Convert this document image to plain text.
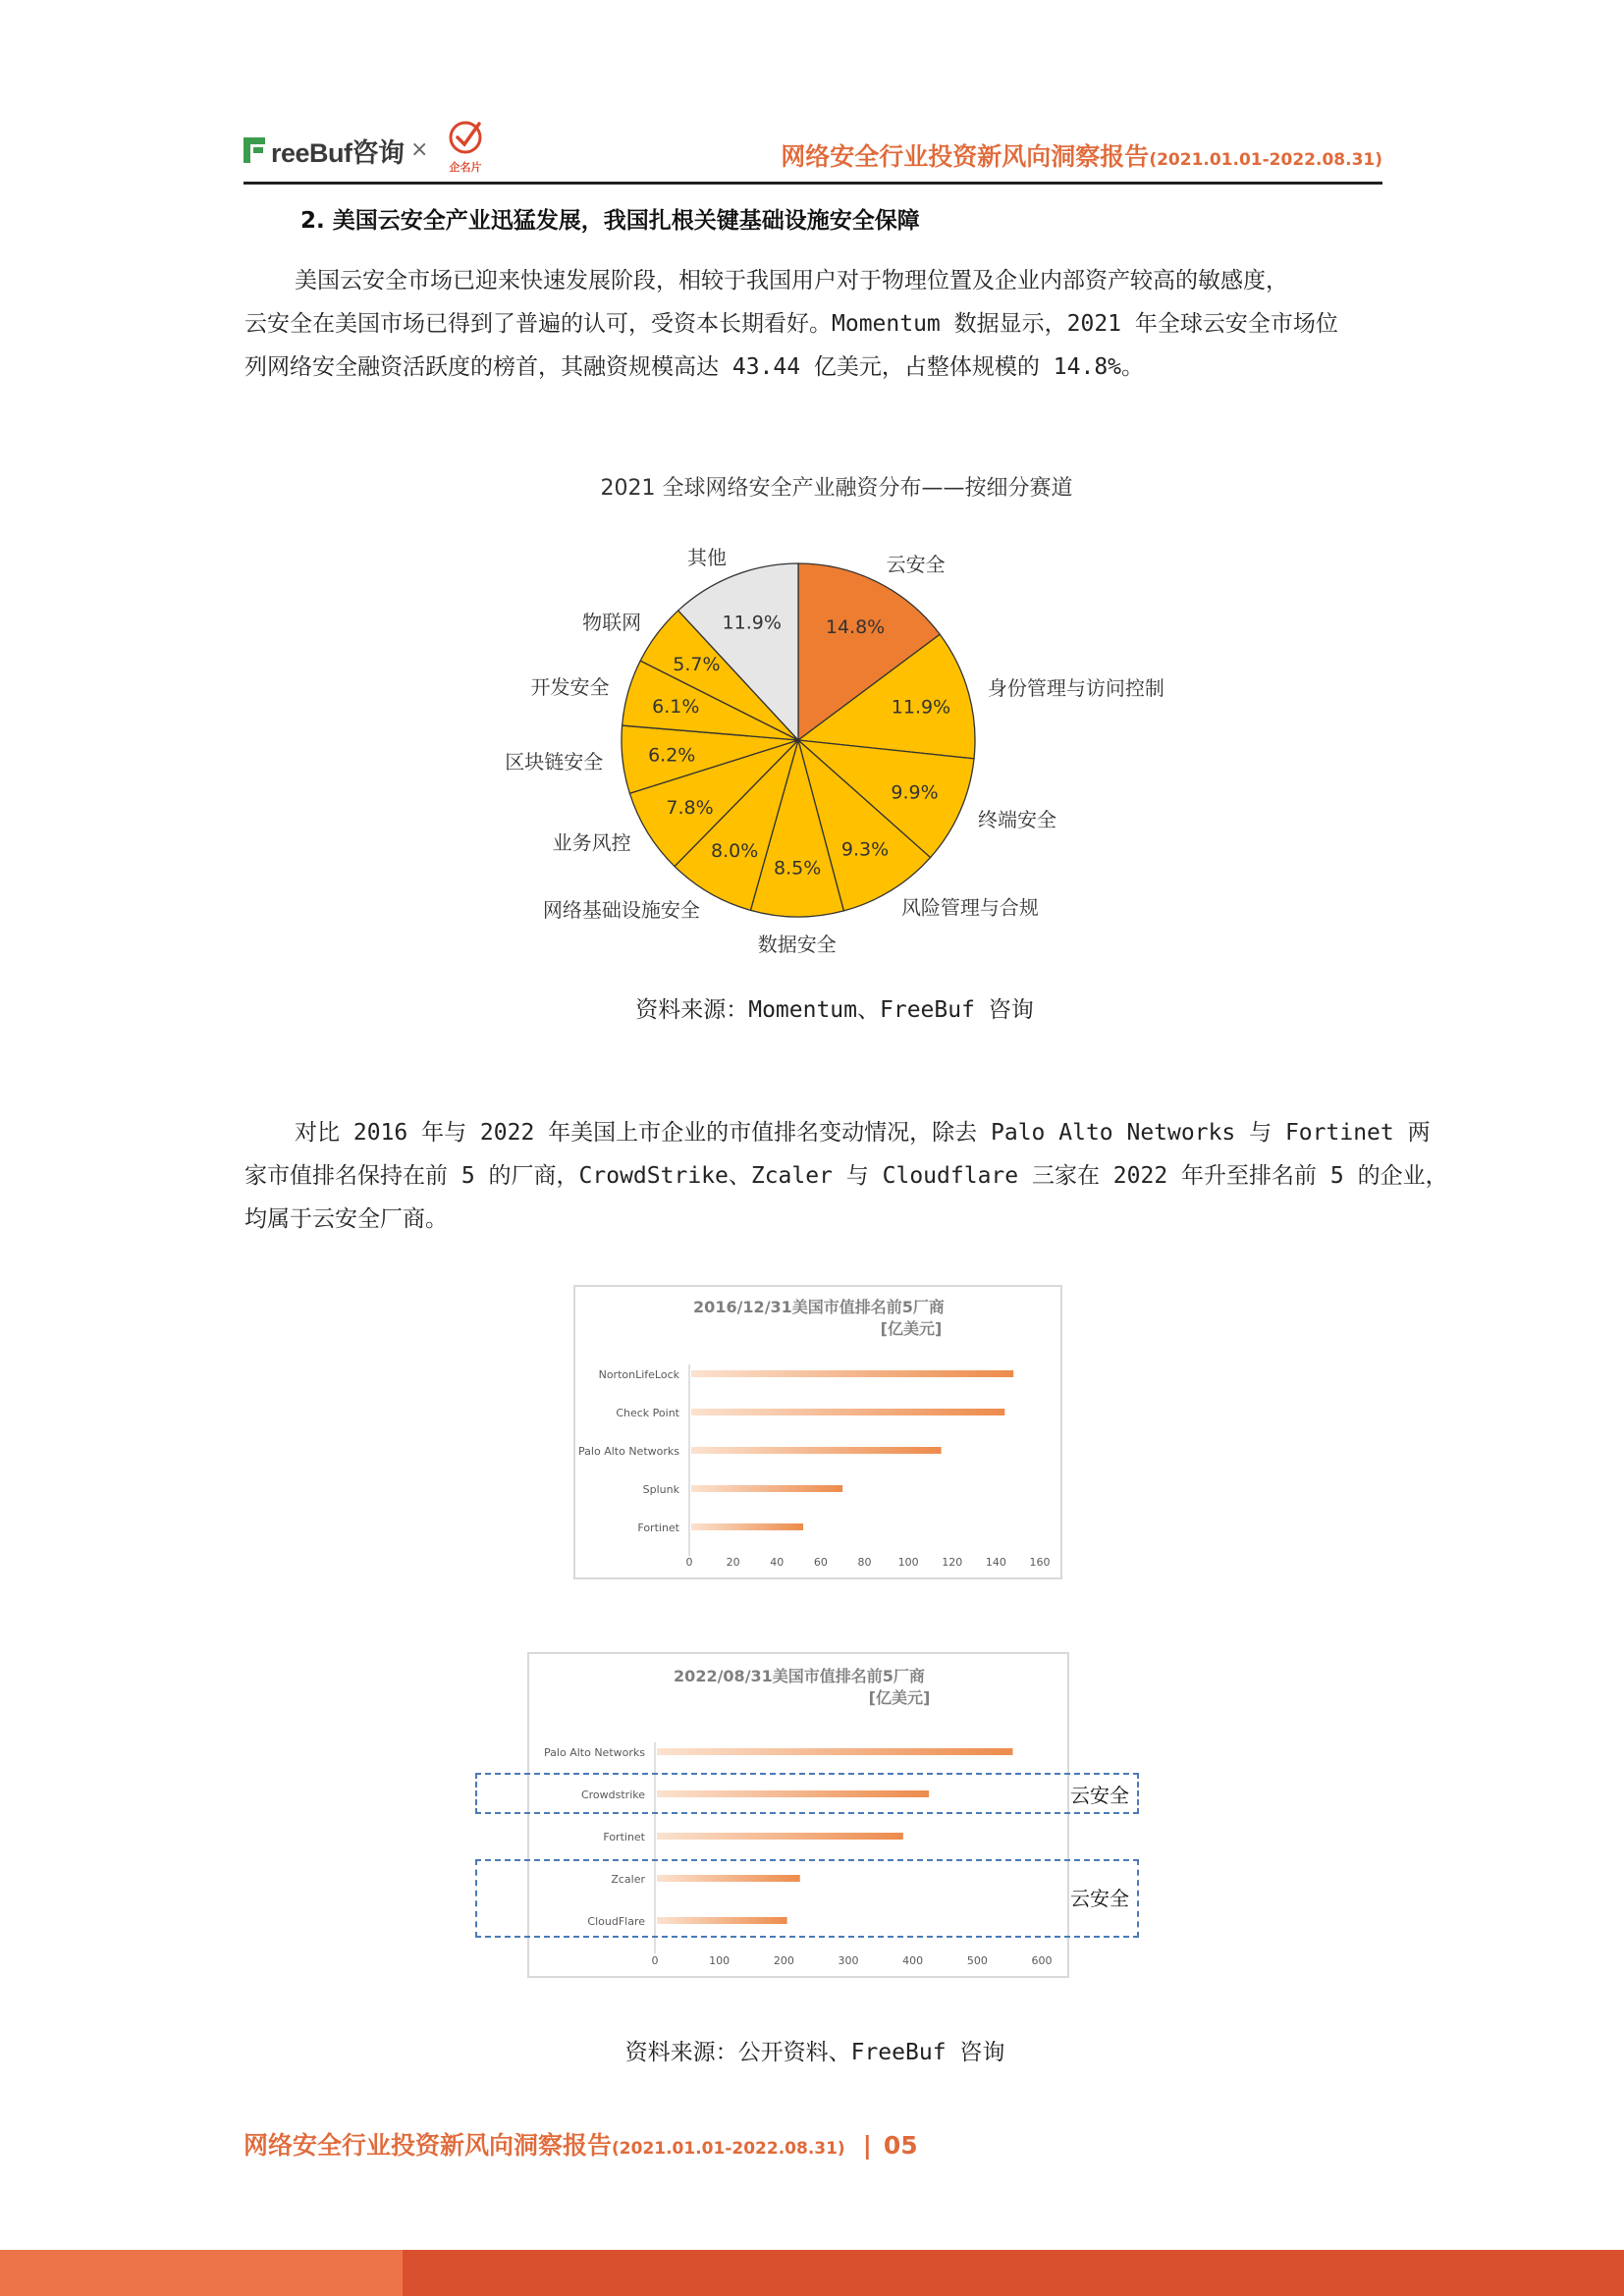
reeBuf咨询 ×
企名片	网络安全行业投资新风向洞察报告(2021.01.01-2022.08.31)
2. 美国云安全产业迅猛发展，我国扎根关键基础设施安全保障
美国云安全市场已迎来快速发展阶段，相较于我国用户对于物理位置及企业内部资产较高的敏感度，
云安全在美国市场已得到了普遍的认可，受资本长期看好。Momentum 数据显示，2021 年全球云安全市场位
列网络安全融资活跃度的榜首，其融资规模高达 43.44 亿美元，占整体规模的 14.8%。
2021 全球网络安全产业融资分布——按细分赛道
14.8%
云安全
11.9%
身份管理与访问控制
9.9%
终端安全
9.3%
风险管理与合规
8.5%
数据安全
8.0%
网络基础设施安全
7.8%
业务风控
6.2%
区块链安全
6.1%
开发安全
5.7%
物联网	11.9%
其他
资料来源：Momentum、FreeBuf 咨询
对比 2016 年与 2022 年美国上市企业的市值排名变动情况，除去 Palo Alto Networks 与 Fortinet 两
家市值排名保持在前 5 的厂商，CrowdStrike、Zcaler 与 Cloudflare 三家在 2022 年升至排名前 5 的企业，
均属于云安全厂商。
2016/12/31美国市值排名前5厂商
[亿美元]
NortonLifeLock
Check Point
Palo Alto Networks
Splunk
Fortinet
0	20	40	60	80 100 120 140 160
2022/08/31美国市值排名前5厂商
[亿美元]
Palo Alto Networks
Crowdstrike
Fortinet
Zcaler
CloudFlare
0	100	200	300	400	500	600
云安全
云安全
资料来源：公开资料、FreeBuf 咨询
网络安全行业投资新风向洞察报告(2021.01.01-2022.08.31) | 05
